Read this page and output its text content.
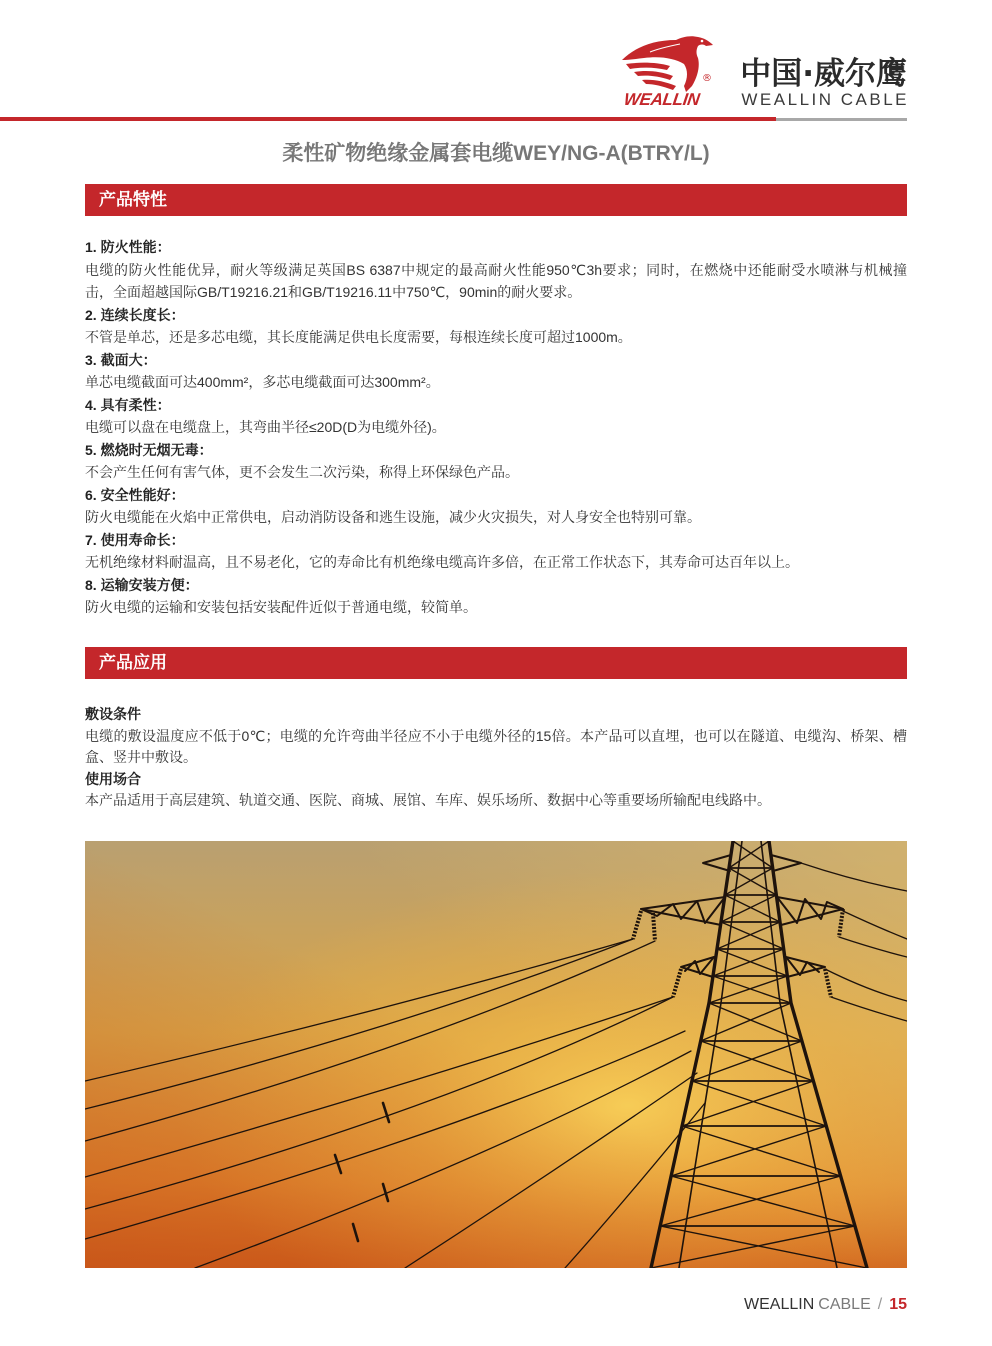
WEALLIN
® 中国·威尔鹰
WEALLIN CABLE
柔性矿物绝缘金属套电缆WEY/NG-A(BTRY/L)
产品特性
1. 防火性能：
电缆的防火性能优异，耐火等级满足英国BS 6387中规定的最高耐火性能950℃3h要求；同时，在燃烧中还能耐受水喷淋与机械撞击，全面超越国际GB/T19216.21和GB/T19216.11中750℃，90min的耐火要求。
2. 连续长度长：
不管是单芯，还是多芯电缆，其长度能满足供电长度需要，每根连续长度可超过1000m。
3. 截面大：
单芯电缆截面可达400mm²，多芯电缆截面可达300mm²。
4. 具有柔性：
电缆可以盘在电缆盘上，其弯曲半径≤20D(D为电缆外径)。
5. 燃烧时无烟无毒：
不会产生任何有害气体，更不会发生二次污染，称得上环保绿色产品。
6. 安全性能好：
防火电缆能在火焰中正常供电，启动消防设备和逃生设施，减少火灾损失，对人身安全也特别可靠。
7. 使用寿命长：
无机绝缘材料耐温高，且不易老化，它的寿命比有机绝缘电缆高许多倍，在正常工作状态下，其寿命可达百年以上。
8. 运输安装方便：
防火电缆的运输和安装包括安装配件近似于普通电缆，较简单。
产品应用
敷设条件
电缆的敷设温度应不低于0℃；电缆的允许弯曲半径应不小于电缆外径的15倍。本产品可以直埋，也可以在隧道、电缆沟、桥架、槽盒、竖井中敷设。
使用场合
本产品适用于高层建筑、轨道交通、医院、商城、展馆、车库、娱乐场所、数据中心等重要场所输配电线路中。
WEALLIN CABLE / 15
